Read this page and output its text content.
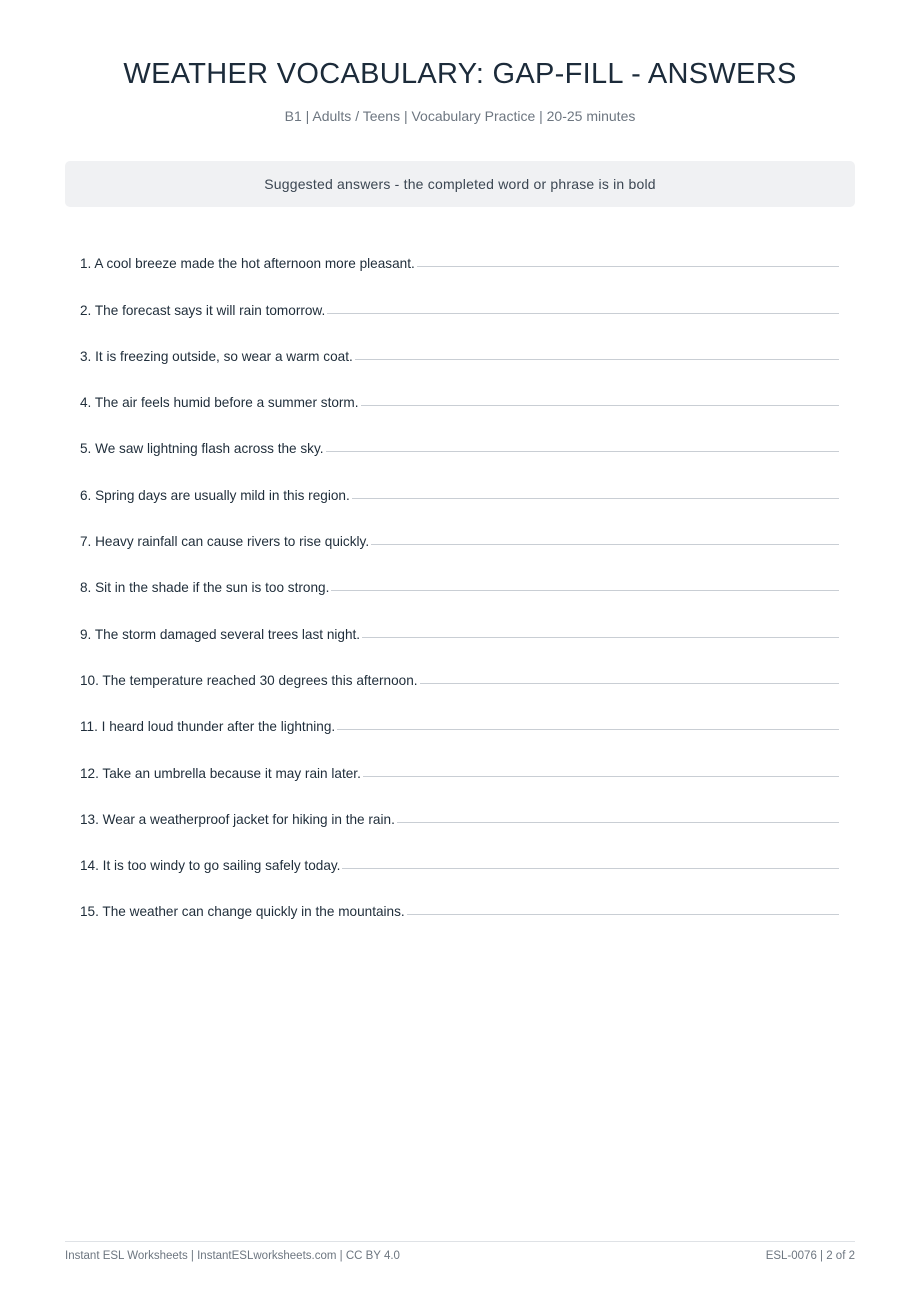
WEATHER VOCABULARY: GAP-FILL - ANSWERS
B1 | Adults / Teens | Vocabulary Practice | 20-25 minutes
Suggested answers - the completed word or phrase is in bold
1. A cool breeze made the hot afternoon more pleasant.
2. The forecast says it will rain tomorrow.
3. It is freezing outside, so wear a warm coat.
4. The air feels humid before a summer storm.
5. We saw lightning flash across the sky.
6. Spring days are usually mild in this region.
7. Heavy rainfall can cause rivers to rise quickly.
8. Sit in the shade if the sun is too strong.
9. The storm damaged several trees last night.
10. The temperature reached 30 degrees this afternoon.
11. I heard loud thunder after the lightning.
12. Take an umbrella because it may rain later.
13. Wear a weatherproof jacket for hiking in the rain.
14. It is too windy to go sailing safely today.
15. The weather can change quickly in the mountains.
Instant ESL Worksheets | InstantESLworksheets.com | CC BY 4.0	ESL-0076 | 2 of 2
